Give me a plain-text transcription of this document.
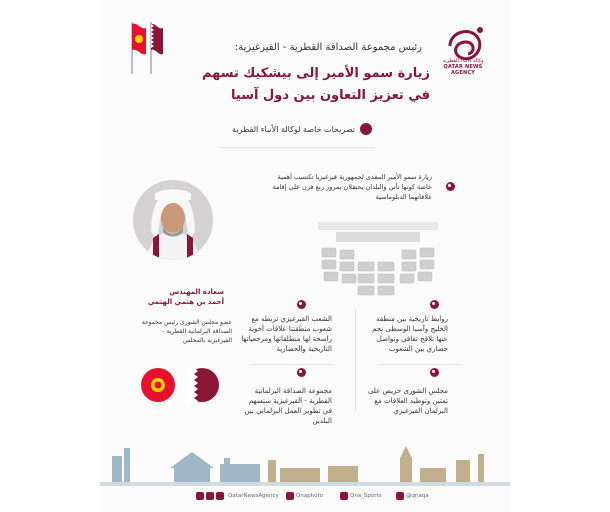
وكالة الأنباء القطرية
QATAR NEWS AGENCY
رئيس مجموعة الصداقة القطرية - القيرغيزية:
زيارة سمو الأمير إلى بيشكيك تسهم
في تعزيز التعاون بين دول آسيا
تصريحات خاصة لوكالة الأنباء القطرية
سعادة المهندس
أحمد بن هتمي الهتمي
عضو مجلس الشورى رئيس مجموعة الصداقة البرلمانية القطرية - القيرغيزية بالمجلس
زيارة سمو الأمير المفدى لجمهورية قيرغيزيا تكتسب أهمية خاصة كونها تأتي والبلدان يحتفلان بمرور ربع قرن على إقامة علاقاتهما الدبلوماسية
روابط تاريخية بين منطقة الخليج وآسيا الوسطى نجم عنها تلاقح ثقافي وتواصل حضاري بين الشعوب
الشعب القيرغيزي تربطه مع شعوب منطقتنا علاقات أخوية راسخة لها منطلقاتها ومرجعياتها التاريخية والحضارية
مجلس الشورى حريص على تمتين وتوطيد العلاقات مع البرلمان القيرغيزي
مجموعة الصداقة البرلمانية القطرية - القيرغيزية ستسهم في تطوير العمل البرلماني بين البلدين
QatarNewsAgency	Qnaphoto	Qna_Sports	@qnaqa
